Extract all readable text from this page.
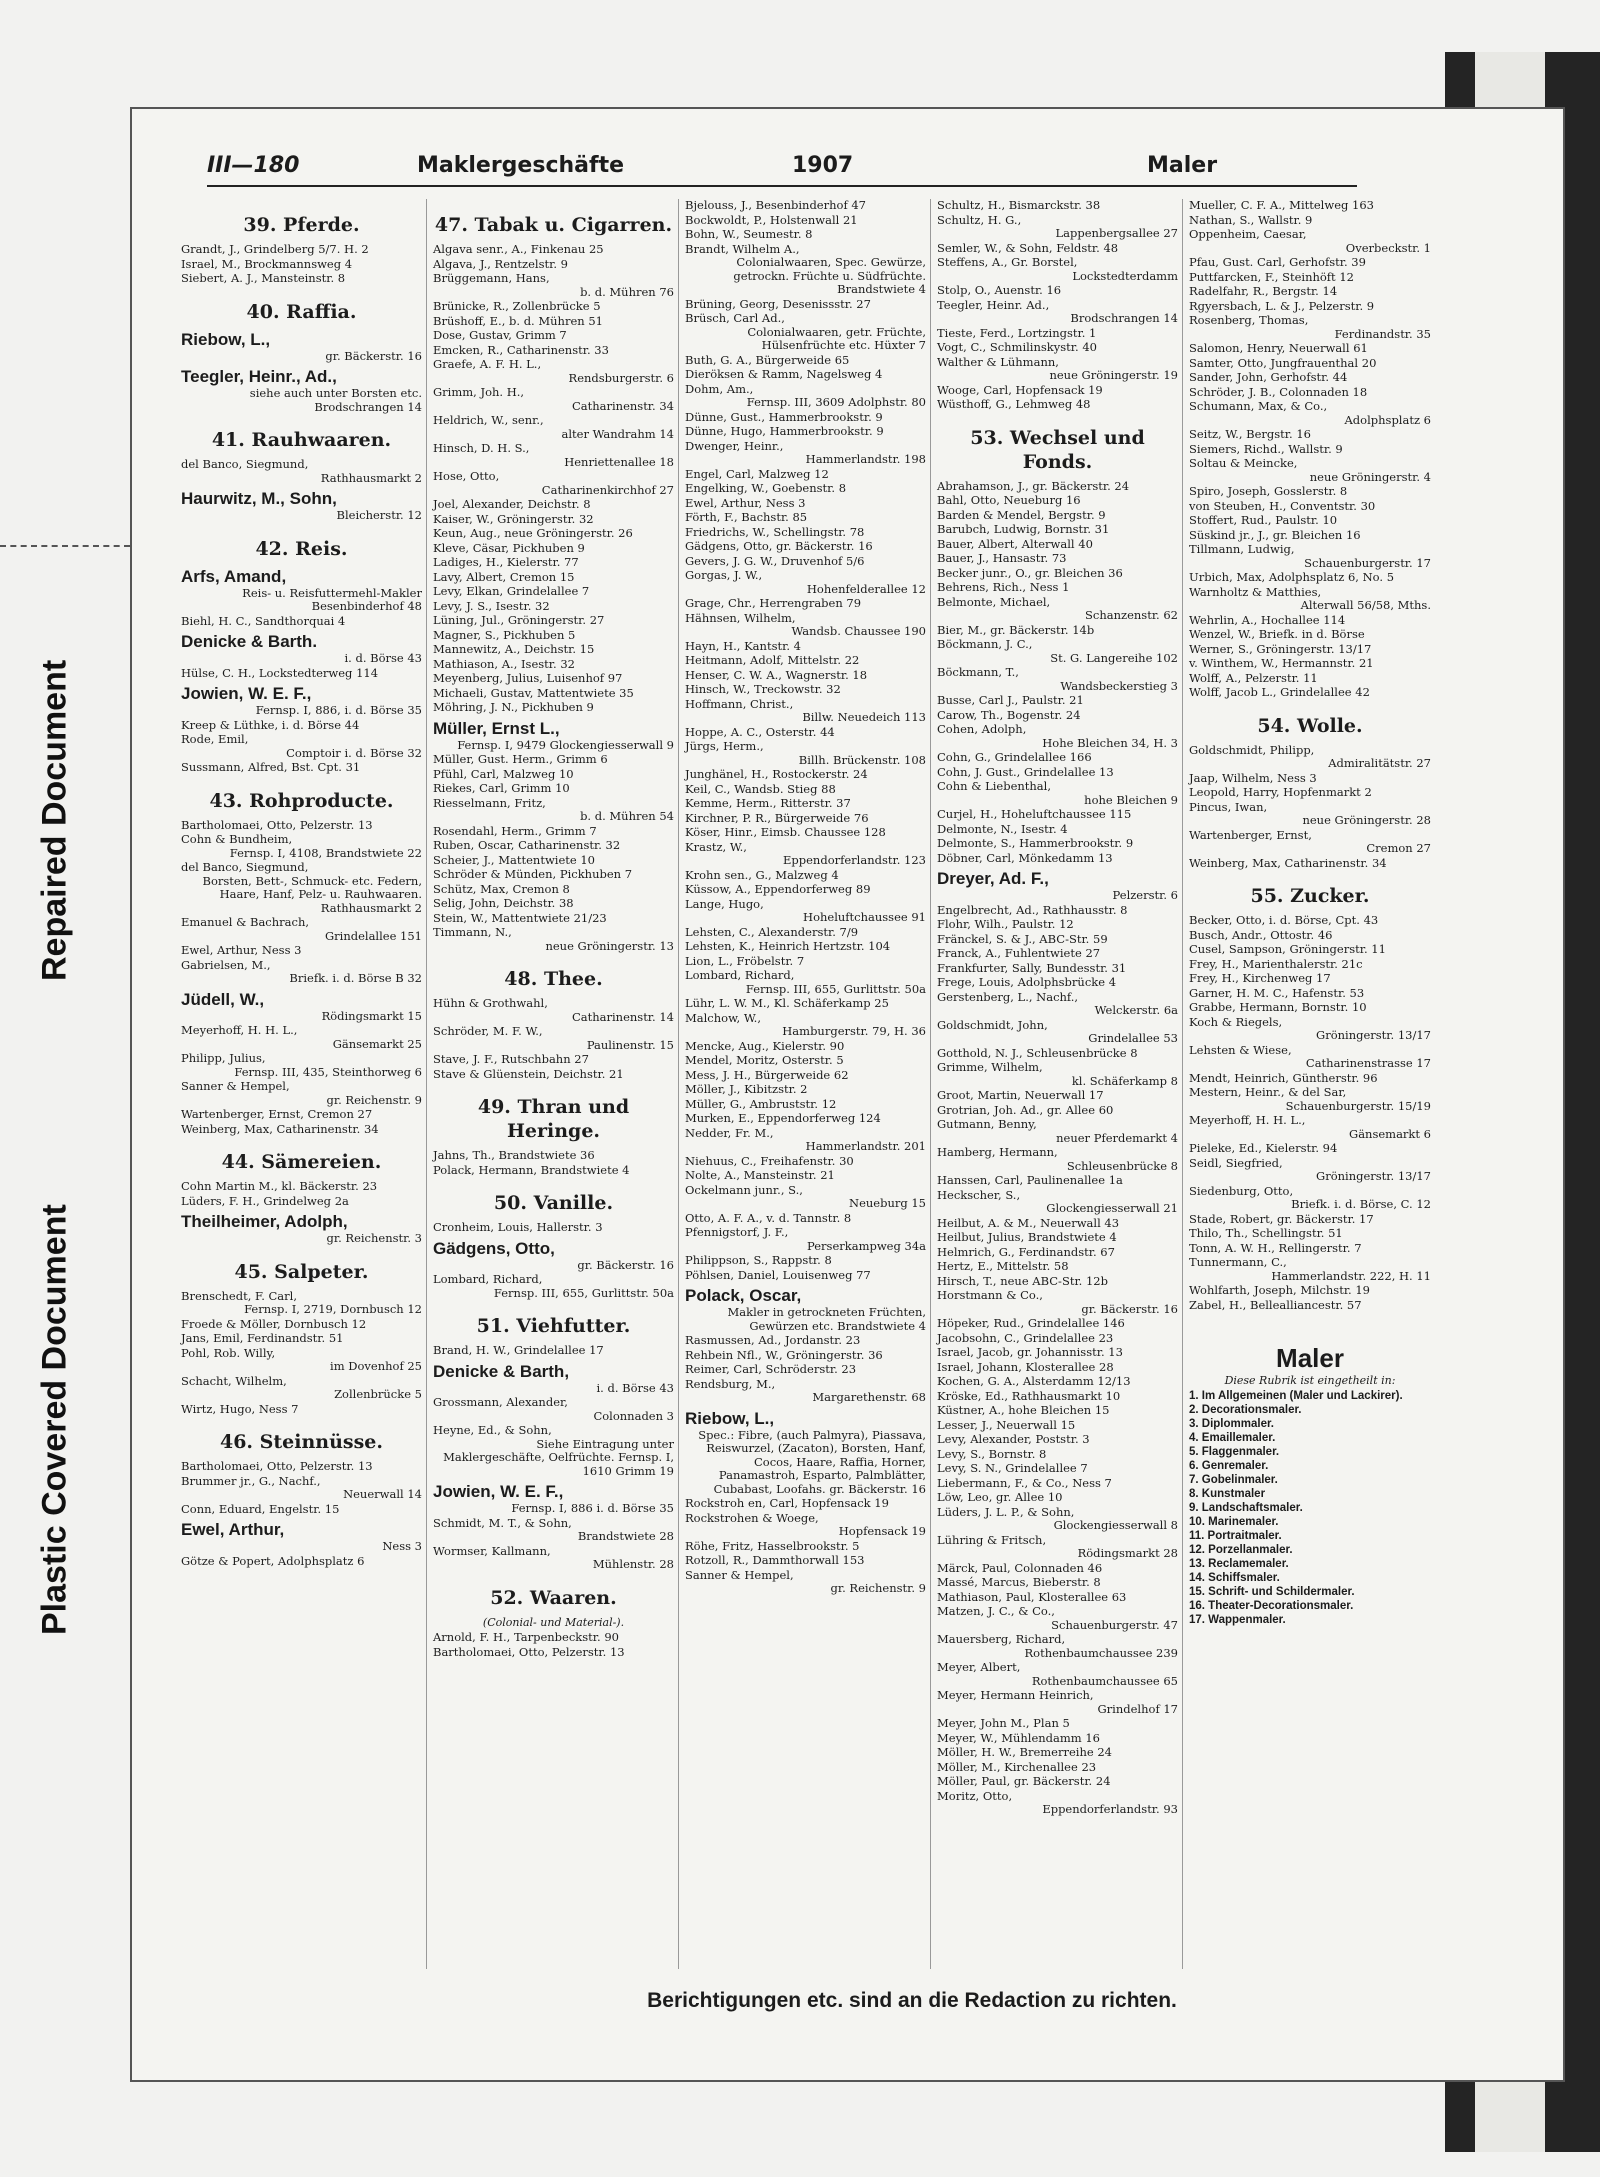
Repaired Document
Plastic Covered Document
III—180	Maklergeschäfte	1907	Maler
39. Pferde.
Grandt, J., Grindelberg 5/7. H. 2
Israel, M., Brockmannsweg 4
Siebert, A. J., Mansteinstr. 8
40. Raffia.
Riebow, L.,
gr. Bäckerstr. 16
Teegler, Heinr., Ad.,
siehe auch unter Borsten etc. Brodschrangen 14
41. Rauhwaaren.
del Banco, Siegmund,
Rathhausmarkt 2
Haurwitz, M., Sohn,
Bleicherstr. 12
42. Reis.
Arfs, Amand,
Reis- u. Reisfuttermehl-Makler Besenbinderhof 48
Biehl, H. C., Sandthorquai 4
Denicke & Barth.
i. d. Börse 43
Hülse, C. H., Lockstedterweg 114
Jowien, W. E. F.,
Fernsp. I, 886, i. d. Börse 35
Kreep & Lüthke, i. d. Börse 44
Rode, Emil,
Comptoir i. d. Börse 32
Sussmann, Alfred, Bst. Cpt. 31
43. Rohproducte.
Bartholomaei, Otto, Pelzerstr. 13
Cohn & Bundheim,
Fernsp. I, 4108, Brandstwiete 22
del Banco, Siegmund,
Borsten, Bett-, Schmuck- etc. Federn, Haare, Hanf, Pelz- u. Rauhwaaren. Rathhausmarkt 2
Emanuel & Bachrach,
Grindelallee 151
Ewel, Arthur, Ness 3
Gabrielsen, M.,
Briefk. i. d. Börse B 32
Jüdell, W.,
Rödingsmarkt 15
Meyerhoff, H. H. L.,
Gänsemarkt 25
Philipp, Julius,
Fernsp. III, 435, Steinthorweg 6
Sanner & Hempel,
gr. Reichenstr. 9
Wartenberger, Ernst, Cremon 27
Weinberg, Max, Catharinenstr. 34
44. Sämereien.
Cohn Martin M., kl. Bäckerstr. 23
Lüders, F. H., Grindelweg 2a
Theilheimer, Adolph,
gr. Reichenstr. 3
45. Salpeter.
Brenschedt, F. Carl,
Fernsp. I, 2719, Dornbusch 12
Froede & Möller, Dornbusch 12
Jans, Emil, Ferdinandstr. 51
Pohl, Rob. Willy,
im Dovenhof 25
Schacht, Wilhelm,
Zollenbrücke 5
Wirtz, Hugo, Ness 7
46. Steinnüsse.
Bartholomaei, Otto, Pelzerstr. 13
Brummer jr., G., Nachf.,
Neuerwall 14
Conn, Eduard, Engelstr. 15
Ewel, Arthur,
Ness 3
Götze & Popert, Adolphsplatz 6
47. Tabak u. Cigarren.
Algava senr., A., Finkenau 25
Algava, J., Rentzelstr. 9
Brüggemann, Hans,
b. d. Mühren 76
Brünicke, R., Zollenbrücke 5
Brüshoff, E., b. d. Mühren 51
Dose, Gustav, Grimm 7
Emcken, R., Catharinenstr. 33
Graefe, A. F. H. L.,
Rendsburgerstr. 6
Grimm, Joh. H.,
Catharinenstr. 34
Heldrich, W., senr.,
alter Wandrahm 14
Hinsch, D. H. S.,
Henriettenallee 18
Hose, Otto,
Catharinenkirchhof 27
Joel, Alexander, Deichstr. 8
Kaiser, W., Gröningerstr. 32
Keun, Aug., neue Gröningerstr. 26
Kleve, Cäsar, Pickhuben 9
Ladiges, H., Kielerstr. 77
Lavy, Albert, Cremon 15
Levy, Elkan, Grindelallee 7
Levy, J. S., Isestr. 32
Lüning, Jul., Gröningerstr. 27
Magner, S., Pickhuben 5
Mannewitz, A., Deichstr. 15
Mathiason, A., Isestr. 32
Meyenberg, Julius, Luisenhof 97
Michaeli, Gustav, Mattentwiete 35
Möhring, J. N., Pickhuben 9
Müller, Ernst L.,
Fernsp. I, 9479 Glockengiesserwall 9
Müller, Gust. Herm., Grimm 6
Pfühl, Carl, Malzweg 10
Riekes, Carl, Grimm 10
Riesselmann, Fritz,
b. d. Mühren 54
Rosendahl, Herm., Grimm 7
Ruben, Oscar, Catharinenstr. 32
Scheier, J., Mattentwiete 10
Schröder & Münden, Pickhuben 7
Schütz, Max, Cremon 8
Selig, John, Deichstr. 38
Stein, W., Mattentwiete 21/23
Timmann, N.,
neue Gröningerstr. 13
48. Thee.
Hühn & Grothwahl,
Catharinenstr. 14
Schröder, M. F. W.,
Paulinenstr. 15
Stave, J. F., Rutschbahn 27
Stave & Glüenstein, Deichstr. 21
49. Thran und Heringe.
Jahns, Th., Brandstwiete 36
Polack, Hermann, Brandstwiete 4
50. Vanille.
Cronheim, Louis, Hallerstr. 3
Gädgens, Otto,
gr. Bäckerstr. 16
Lombard, Richard,
Fernsp. III, 655, Gurlittstr. 50a
51. Viehfutter.
Brand, H. W., Grindelallee 17
Denicke & Barth,
i. d. Börse 43
Grossmann, Alexander,
Colonnaden 3
Heyne, Ed., & Sohn,
Siehe Eintragung unter Maklergeschäfte, Oelfrüchte. Fernsp. I, 1610 Grimm 19
Jowien, W. E. F.,
Fernsp. I, 886 i. d. Börse 35
Schmidt, M. T., & Sohn,
Brandstwiete 28
Wormser, Kallmann,
Mühlenstr. 28
52. Waaren.
(Colonial- und Material-).
Arnold, F. H., Tarpenbeckstr. 90
Bartholomaei, Otto, Pelzerstr. 13
Bjelouss, J., Besenbinderhof 47
Bockwoldt, P., Holstenwall 21
Bohn, W., Seumestr. 8
Brandt, Wilhelm A.,
Colonialwaaren, Spec. Gewürze, getrockn. Früchte u. Südfrüchte. Brandstwiete 4
Brüning, Georg, Desenissstr. 27
Brüsch, Carl Ad.,
Colonialwaaren, getr. Früchte, Hülsenfrüchte etc. Hüxter 7
Buth, G. A., Bürgerweide 65
Dieröksen & Ramm, Nagelsweg 4
Dohm, Am.,
Fernsp. III, 3609 Adolphstr. 80
Dünne, Gust., Hammerbrookstr. 9
Dünne, Hugo, Hammerbrookstr. 9
Dwenger, Heinr.,
Hammerlandstr. 198
Engel, Carl, Malzweg 12
Engelking, W., Goebenstr. 8
Ewel, Arthur, Ness 3
Förth, F., Bachstr. 85
Friedrichs, W., Schellingstr. 78
Gädgens, Otto, gr. Bäckerstr. 16
Gevers, J. G. W., Druvenhof 5/6
Gorgas, J. W.,
Hohenfelderallee 12
Grage, Chr., Herrengraben 79
Hähnsen, Wilhelm,
Wandsb. Chaussee 190
Hayn, H., Kantstr. 4
Heitmann, Adolf, Mittelstr. 22
Henser, C. W. A., Wagnerstr. 18
Hinsch, W., Treckowstr. 32
Hoffmann, Christ.,
Billw. Neuedeich 113
Hoppe, A. C., Osterstr. 44
Jürgs, Herm.,
Billh. Brückenstr. 108
Junghänel, H., Rostockerstr. 24
Keil, C., Wandsb. Stieg 88
Kemme, Herm., Ritterstr. 37
Kirchner, P. R., Bürgerweide 76
Köser, Hinr., Eimsb. Chaussee 128
Krastz, W.,
Eppendorferlandstr. 123
Krohn sen., G., Malzweg 4
Küssow, A., Eppendorferweg 89
Lange, Hugo,
Hoheluftchaussee 91
Lehsten, C., Alexanderstr. 7/9
Lehsten, K., Heinrich Hertzstr. 104
Lion, L., Fröbelstr. 7
Lombard, Richard,
Fernsp. III, 655, Gurlittstr. 50a
Lühr, L. W. M., Kl. Schäferkamp 25
Malchow, W.,
Hamburgerstr. 79, H. 36
Mencke, Aug., Kielerstr. 90
Mendel, Moritz, Osterstr. 5
Mess, J. H., Bürgerweide 62
Möller, J., Kibitzstr. 2
Müller, G., Ambruststr. 12
Murken, E., Eppendorferweg 124
Nedder, Fr. M.,
Hammerlandstr. 201
Niehuus, C., Freihafenstr. 30
Nolte, A., Mansteinstr. 21
Ockelmann junr., S.,
Neueburg 15
Otto, A. F. A., v. d. Tannstr. 8
Pfennigstorf, J. F.,
Perserkampweg 34a
Philippson, S., Rappstr. 8
Pöhlsen, Daniel, Louisenweg 77
Polack, Oscar,
Makler in getrockneten Früchten, Gewürzen etc. Brandstwiete 4
Rasmussen, Ad., Jordanstr. 23
Rehbein Nfl., W., Gröningerstr. 36
Reimer, Carl, Schröderstr. 23
Rendsburg, M.,
Margarethenstr. 68
Riebow, L.,
Spec.: Fibre, (auch Palmyra), Piassava, Reiswurzel, (Zacaton), Borsten, Hanf, Cocos, Haare, Raffia, Horner, Panamastroh, Esparto, Palmblätter, Cubabast, Loofahs. gr. Bäckerstr. 16
Rockstroh en, Carl, Hopfensack 19
Rockstrohen & Woege,
Hopfensack 19
Röhe, Fritz, Hasselbrookstr. 5
Rotzoll, R., Dammthorwall 153
Sanner & Hempel,
gr. Reichenstr. 9
Schultz, H., Bismarckstr. 38
Schultz, H. G.,
Lappenbergsallee 27
Semler, W., & Sohn, Feldstr. 48
Steffens, A., Gr. Borstel,
Lockstedterdamm
Stolp, O., Auenstr. 16
Teegler, Heinr. Ad.,
Brodschrangen 14
Tieste, Ferd., Lortzingstr. 1
Vogt, C., Schmilinskystr. 40
Walther & Lühmann,
neue Gröningerstr. 19
Wooge, Carl, Hopfensack 19
Wüsthoff, G., Lehmweg 48
53. Wechsel und Fonds.
Abrahamson, J., gr. Bäckerstr. 24
Bahl, Otto, Neueburg 16
Barden & Mendel, Bergstr. 9
Barubch, Ludwig, Bornstr. 31
Bauer, Albert, Alterwall 40
Bauer, J., Hansastr. 73
Becker junr., O., gr. Bleichen 36
Behrens, Rich., Ness 1
Belmonte, Michael,
Schanzenstr. 62
Bier, M., gr. Bäckerstr. 14b
Böckmann, J. C.,
St. G. Langereihe 102
Böckmann, T.,
Wandsbeckerstieg 3
Busse, Carl J., Paulstr. 21
Carow, Th., Bogenstr. 24
Cohen, Adolph,
Hohe Bleichen 34, H. 3
Cohn, G., Grindelallee 166
Cohn, J. Gust., Grindelallee 13
Cohn & Liebenthal,
hohe Bleichen 9
Curjel, H., Hoheluftchaussee 115
Delmonte, N., Isestr. 4
Delmonte, S., Hammerbrookstr. 9
Döbner, Carl, Mönkedamm 13
Dreyer, Ad. F.,
Pelzerstr. 6
Engelbrecht, Ad., Rathhausstr. 8
Flohr, Wilh., Paulstr. 12
Fränckel, S. & J., ABC-Str. 59
Franck, A., Fuhlentwiete 27
Frankfurter, Sally, Bundesstr. 31
Frege, Louis, Adolphsbrücke 4
Gerstenberg, L., Nachf.,
Welckerstr. 6a
Goldschmidt, John,
Grindelallee 53
Gotthold, N. J., Schleusenbrücke 8
Grimme, Wilhelm,
kl. Schäferkamp 8
Groot, Martin, Neuerwall 17
Grotrian, Joh. Ad., gr. Allee 60
Gutmann, Benny,
neuer Pferdemarkt 4
Hamberg, Hermann,
Schleusenbrücke 8
Hanssen, Carl, Paulinenallee 1a
Heckscher, S.,
Glockengiesserwall 21
Heilbut, A. & M., Neuerwall 43
Heilbut, Julius, Brandstwiete 4
Helmrich, G., Ferdinandstr. 67
Hertz, E., Mittelstr. 58
Hirsch, T., neue ABC-Str. 12b
Horstmann & Co.,
gr. Bäckerstr. 16
Höpeker, Rud., Grindelallee 146
Jacobsohn, C., Grindelallee 23
Israel, Jacob, gr. Johannisstr. 13
Israel, Johann, Klosterallee 28
Kochen, G. A., Alsterdamm 12/13
Kröske, Ed., Rathhausmarkt 10
Küstner, A., hohe Bleichen 15
Lesser, J., Neuerwall 15
Levy, Alexander, Poststr. 3
Levy, S., Bornstr. 8
Levy, S. N., Grindelallee 7
Liebermann, F., & Co., Ness 7
Löw, Leo, gr. Allee 10
Lüders, J. L. P., & Sohn,
Glockengiesserwall 8
Lühring & Fritsch,
Rödingsmarkt 28
Märck, Paul, Colonnaden 46
Massé, Marcus, Bieberstr. 8
Mathiason, Paul, Klosterallee 63
Matzen, J. C., & Co.,
Schauenburgerstr. 47
Mauersberg, Richard,
Rothenbaumchaussee 239
Meyer, Albert,
Rothenbaumchaussee 65
Meyer, Hermann Heinrich,
Grindelhof 17
Meyer, John M., Plan 5
Meyer, W., Mühlendamm 16
Möller, H. W., Bremerreihe 24
Möller, M., Kirchenallee 23
Möller, Paul, gr. Bäckerstr. 24
Moritz, Otto,
Eppendorferlandstr. 93
Mueller, C. F. A., Mittelweg 163
Nathan, S., Wallstr. 9
Oppenheim, Caesar,
Overbeckstr. 1
Pfau, Gust. Carl, Gerhofstr. 39
Puttfarcken, F., Steinhöft 12
Radelfahr, R., Bergstr. 14
Rgyersbach, L. & J., Pelzerstr. 9
Rosenberg, Thomas,
Ferdinandstr. 35
Salomon, Henry, Neuerwall 61
Samter, Otto, Jungfrauenthal 20
Sander, John, Gerhofstr. 44
Schröder, J. B., Colonnaden 18
Schumann, Max, & Co.,
Adolphsplatz 6
Seitz, W., Bergstr. 16
Siemers, Richd., Wallstr. 9
Soltau & Meincke,
neue Gröningerstr. 4
Spiro, Joseph, Gosslerstr. 8
von Steuben, H., Conventstr. 30
Stoffert, Rud., Paulstr. 10
Süskind jr., J., gr. Bleichen 16
Tillmann, Ludwig,
Schauenburgerstr. 17
Urbich, Max, Adolphsplatz 6, No. 5
Warnholtz & Matthies,
Alterwall 56/58, Mths.
Wehrlin, A., Hochallee 114
Wenzel, W., Briefk. in d. Börse
Werner, S., Gröningerstr. 13/17
v. Winthem, W., Hermannstr. 21
Wolff, A., Pelzerstr. 11
Wolff, Jacob L., Grindelallee 42
54. Wolle.
Goldschmidt, Philipp,
Admiralitätstr. 27
Jaap, Wilhelm, Ness 3
Leopold, Harry, Hopfenmarkt 2
Pincus, Iwan,
neue Gröningerstr. 28
Wartenberger, Ernst,
Cremon 27
Weinberg, Max, Catharinenstr. 34
55. Zucker.
Becker, Otto, i. d. Börse, Cpt. 43
Busch, Andr., Ottostr. 46
Cusel, Sampson, Gröningerstr. 11
Frey, H., Marienthalerstr. 21c
Frey, H., Kirchenweg 17
Garner, H. M. C., Hafenstr. 53
Grabbe, Hermann, Bornstr. 10
Koch & Riegels,
Gröningerstr. 13/17
Lehsten & Wiese,
Catharinenstrasse 17
Mendt, Heinrich, Güntherstr. 96
Mestern, Heinr., & del Sar,
Schauenburgerstr. 15/19
Meyerhoff, H. H. L.,
Gänsemarkt 6
Pieleke, Ed., Kielerstr. 94
Seidl, Siegfried,
Gröningerstr. 13/17
Siedenburg, Otto,
Briefk. i. d. Börse, C. 12
Stade, Robert, gr. Bäckerstr. 17
Thilo, Th., Schellingstr. 51
Tonn, A. W. H., Rellingerstr. 7
Tunnermann, C.,
Hammerlandstr. 222, H. 11
Wohlfarth, Joseph, Milchstr. 19
Zabel, H., Bellealliancestr. 57
Maler
Diese Rubrik ist eingetheilt in:
1. Im Allgemeinen (Maler und Lackirer).
2. Decorationsmaler.
3. Diplommaler.
4. Emaillemaler.
5. Flaggenmaler.
6. Genremaler.
7. Gobelinmaler.
8. Kunstmaler
9. Landschaftsmaler.
10. Marinemaler.
11. Portraitmaler.
12. Porzellanmaler.
13. Reclamemaler.
14. Schiffsmaler.
15. Schrift- und Schildermaler.
16. Theater-Decorationsmaler.
17. Wappenmaler.
Berichtigungen etc. sind an die Redaction zu richten.
